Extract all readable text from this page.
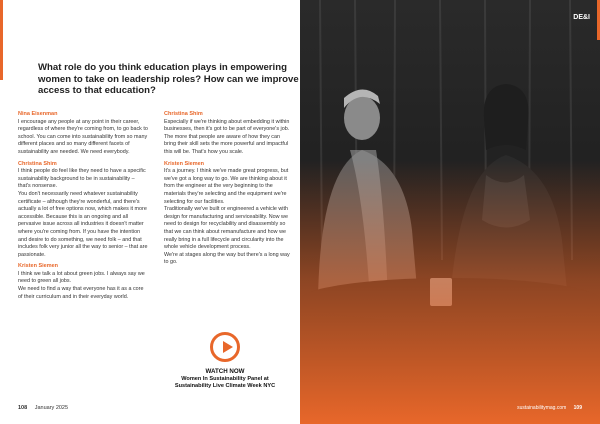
Nina Eisenman

I encourage any people at any point in their career, regardless of where they're coming from, to go back to school. You can come into sustainability from so many different places and so many different facets of sustainability are needed. We need everybody.

Christina Shim

I think people do feel like they need to have a specific sustainability background to be in sustainability – that's nonsense.
You don't necessarily need whatever sustainability certificate – although they're wonderful, and there's actually a lot of free options now, which makes it more accessible. Because this is an ongoing and all pervasive issue across all industries it doesn't matter where you're coming from. If you have the intention and desire to do something, we need folk – and that includes folk very junior all the way to senior – that are passionate.

Kristen Siemen

I think we talk a lot about green jobs. I always say we need to green all jobs.
We need to find a way that everyone has it as a core of their curriculum and in their everyday world.

Christina Shim

Especially if we're thinking about embedding it within businesses, then it's got to be part of everyone's job. The more that people are aware of how they can bring their skill sets the more powerful and impactful this will be. That's how you scale.

Kristen Siemen

It's a journey. I think we've made great progress, but we've got a long way to go. We are thinking about it from the engineer at the very beginning to the materials they're selecting and the equipment we're selecting for our facilities.
Traditionally we've built or engineered a vehicle with design for manufacturing and serviceability. Now we need to design for recyclability and disassembly so that we can think about remanufacture and how we really bring in a full lifecycle and circularity into the whole vehicle development process.
We're at stages along the way but there's a long way to go.

WATCH NOW
Women In Sustainability Panel at
Sustainability Live Climate Week NYC
108 January 2025
DE&I
What role do you think education plays in empowering women to take on leadership roles? How can we improve access to that education?
sustainabilitymag.com 109
